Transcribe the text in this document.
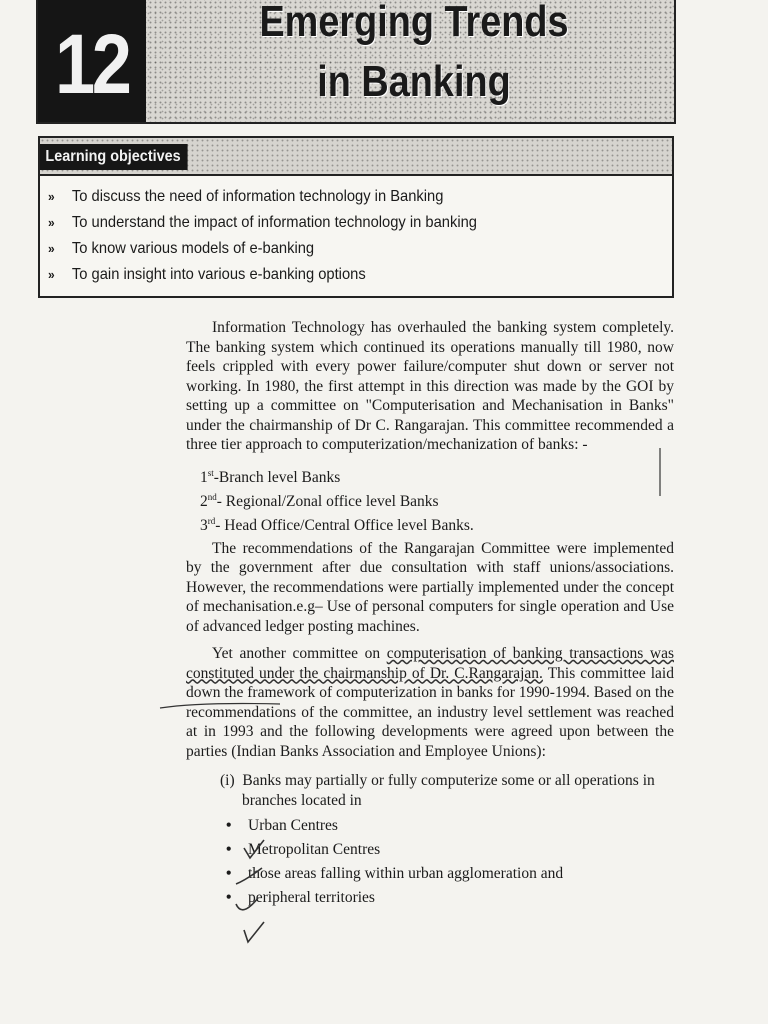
12	Emerging Trends
in Banking
Learning objectives
» To discuss the need of information technology in Banking
» To understand the impact of information technology in banking
» To know various models of e-banking
» To gain insight into various e-banking options

Information Technology has overhauled the banking system completely. The banking system which continued its operations manually till 1980, now feels crippled with every power failure/computer shut down or server not working. In 1980, the first attempt in this direction was made by the GOI by setting up a committee on "Computerisation and Mechanisation in Banks" under the chairmanship of Dr C. Rangarajan. This committee recommended a three tier approach to computerization/mechanization of banks: -

1st-Branch level Banks
2nd- Regional/Zonal office level Banks
3rd- Head Office/Central Office level Banks.

The recommendations of the Rangarajan Committee were implemented by the government after due consultation with staff unions/associations. However, the recommendations were partially implemented under the concept of mechanisation.e.g– Use of personal computers for single operation and Use of advanced ledger posting machines.

Yet another committee on computerisation of banking transactions was constituted under the chairmanship of Dr. C.Rangarajan. This committee laid down the framework of computerization in banks for 1990-1994. Based on the recommendations of the committee, an industry level settlement was reached at in 1993 and the following developments were agreed upon between the parties (Indian Banks Association and Employee Unions):

(i) Banks may partially or fully computerize some or all operations in branches located in

• Urban Centres
• Metropolitan Centres
• those areas falling within urban agglomeration and
• peripheral territories
